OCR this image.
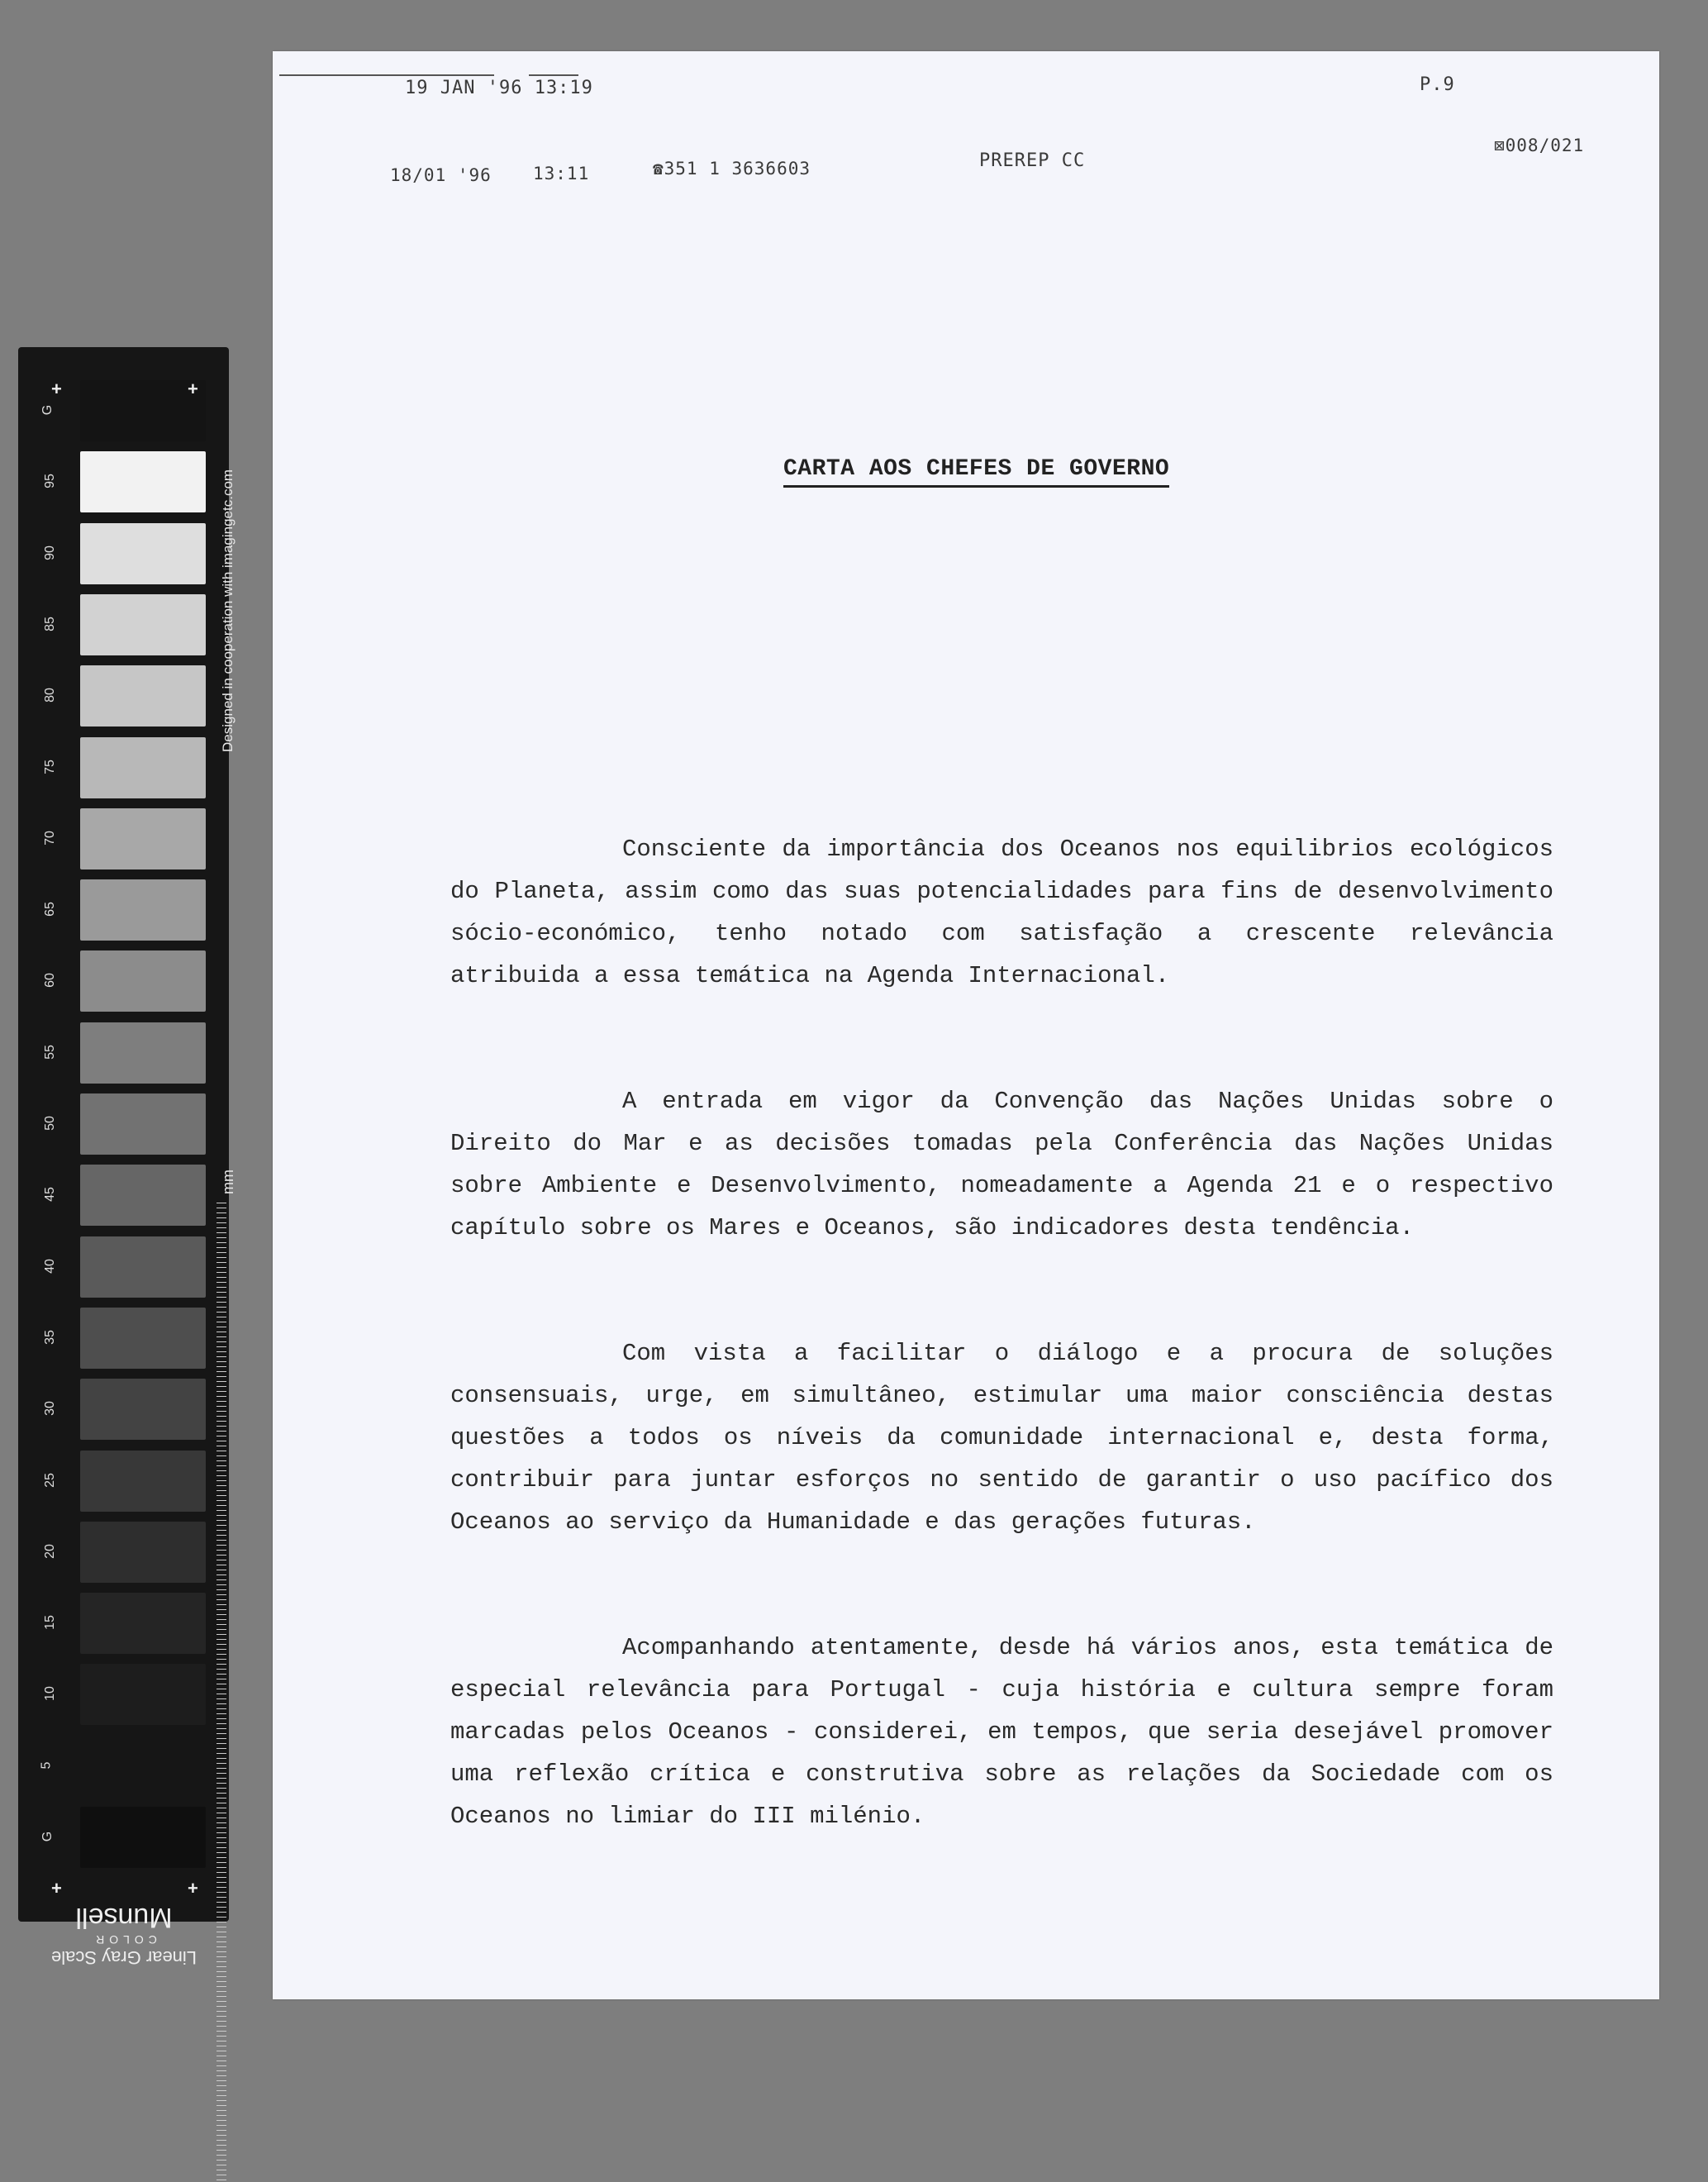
G
95
90
85
80
75
70
65
60
55
50
45
40
35
30
25
20
15
10
5
G
mm
Designed in cooperation with imagingetc.com
+	+
+	+
Linear Gray Scale
COLOR
Munsell
19 JAN '96 13:19	P.9
18/01 '96 13:11	☎351 1 3636603	PREREP CC
⊠008/021
CARTA AOS CHEFES DE GOVERNO

Consciente da importância dos Oceanos nos equilibrios ecológicos do Planeta, assim como das suas potencialidades para fins de desenvolvimento sócio-económico, tenho notado com satisfação a crescente relevância atribuida a essa temática na Agenda Internacional.

A entrada em vigor da Convenção das Nações Unidas sobre o Direito do Mar e as decisões tomadas pela Conferência das Nações Unidas sobre Ambiente e Desenvolvimento, nomeadamente a Agenda 21 e o respectivo capítulo sobre os Mares e Oceanos, são indicadores desta tendência.

Com vista a facilitar o diálogo e a procura de soluções consensuais, urge, em simultâneo, estimular uma maior consciência destas questões a todos os níveis da comunidade internacional e, desta forma, contribuir para juntar esforços no sentido de garantir o uso pacífico dos Oceanos ao serviço da Humanidade e das gerações futuras.

Acompanhando atentamente, desde há vários anos, esta temática de especial relevância para Portugal - cuja história e cultura sempre foram marcadas pelos Oceanos - considerei, em tempos, que seria desejável promover uma reflexão crítica e construtiva sobre as relações da Sociedade com os Oceanos no limiar do III milénio.
